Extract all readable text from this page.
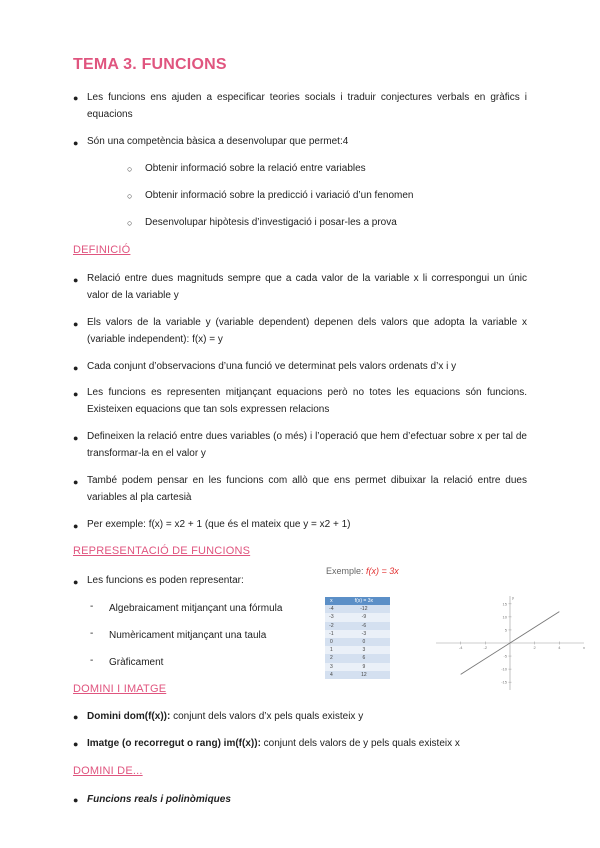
TEMA 3. FUNCIONS
● Les funcions ens ajuden a especificar teories socials i traduir conjectures verbals en gràfics i equacions
● Són una competència bàsica a desenvolupar que permet:4
○ Obtenir informació sobre la relació entre variables
○ Obtenir informació sobre la predicció i variació d’un fenomen
○ Desenvolupar hipòtesis d’investigació i posar-les a prova
DEFINICIÓ
● Relació entre dues magnituds sempre que a cada valor de la variable x li correspongui un únic valor de la variable y
● Els valors de la variable y (variable dependent) depenen dels valors que adopta la variable x (variable independent): f(x) = y
● Cada conjunt d’observacions d’una funció ve determinat pels valors ordenats d’x i y
● Les funcions es representen mitjançant equacions però no totes les equacions són funcions. Existeixen equacions que tan sols expressen relacions
● Defineixen la relació entre dues variables (o més) i l’operació que hem d’efectuar sobre x per tal de transformar-la en el valor y
● També podem pensar en les funcions com allò que ens permet dibuixar la relació entre dues variables al pla cartesià
● Per exemple: f(x) = x2 + 1 (que és el mateix que y = x2 + 1)
REPRESENTACIÓ DE FUNCIONS
● Les funcions es poden representar:
- Algebraicament mitjançant una fórmula
- Numèricament mitjançant una taula
- Gràficament
Exemple: f(x) = 3x
x	f(x) = 3x
-4	-12
-3	-9
-2	-6
-1	-3
0	0
1	3
2	6
3	9
4	12
-4	-2	2	4
15
10
5
-5
-10
-15
x
y
DOMINI I IMATGE
● Domini dom(f(x)): conjunt dels valors d’x pels quals existeix y
● Imatge (o recorregut o rang) im(f(x)): conjunt dels valors de y pels quals existeix x
DOMINI DE...
● Funcions reals i polinòmiques
